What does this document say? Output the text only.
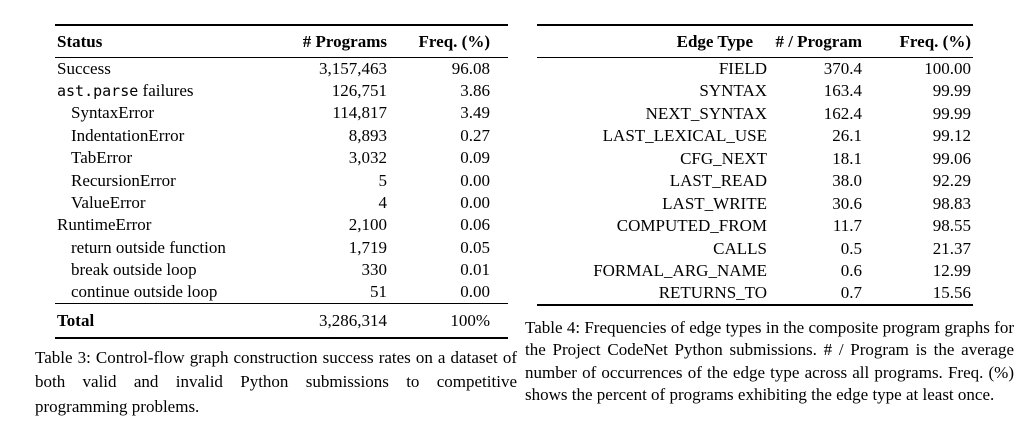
Status	# Programs	Freq. (%)
Success	3,157,463	96.08
ast.parse failures	126,751	3.86
SyntaxError	114,817	3.49
IndentationError	8,893	0.27
TabError	3,032	0.09
RecursionError	5	0.00
ValueError	4	0.00
RuntimeError	2,100	0.06
return outside function	1,719	0.05
break outside loop	330	0.01
continue outside loop	51	0.00
Total	3,286,314	100%

Table 3: Control-flow graph construction success rates on a dataset of both valid and invalid Python submissions to competitive programming problems.

Edge Type	# / Program	Freq. (%)
FIELD	370.4	100.00
SYNTAX	163.4	99.99
NEXT_SYNTAX	162.4	99.99
LAST_LEXICAL_USE	26.1	99.12
CFG_NEXT	18.1	99.06
LAST_READ	38.0	92.29
LAST_WRITE	30.6	98.83
COMPUTED_FROM	11.7	98.55
CALLS	0.5	21.37
FORMAL_ARG_NAME	0.6	12.99
RETURNS_TO	0.7	15.56

Table 4: Frequencies of edge types in the composite program graphs for the Project CodeNet Python submissions. # / Program is the average number of occurrences of the edge type across all programs. Freq. (%) shows the percent of programs exhibiting the edge type at least once.
